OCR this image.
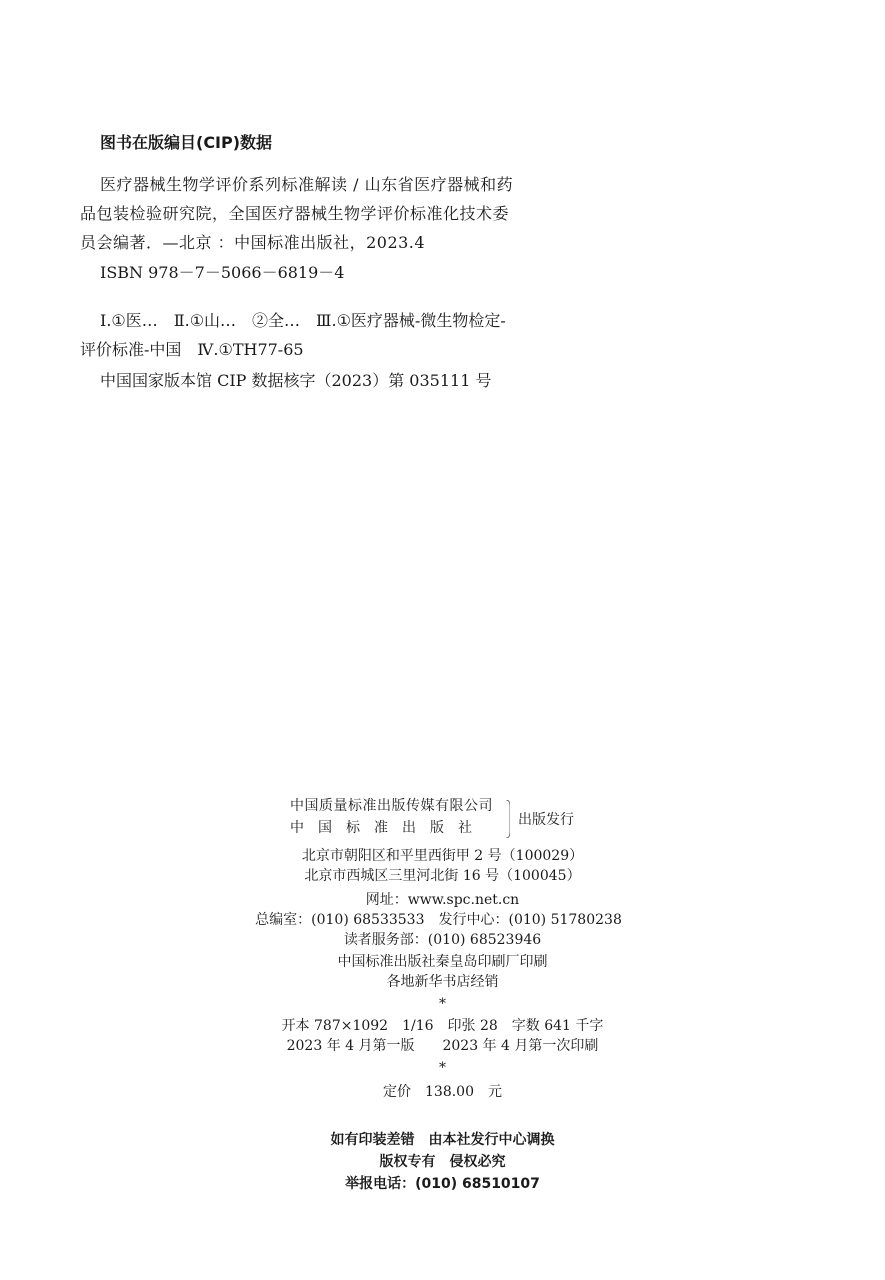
图书在版编目(CIP)数据

医疗器械生物学评价系列标准解读 / 山东省医疗器械和药品包装检验研究院，全国医疗器械生物学评价标准化技术委员会编著．—北京 ：中国标准出版社，2023.4

ISBN 978－7－5066－6819－4

Ⅰ.①医…　Ⅱ.①山…　②全…　Ⅲ.①医疗器械-微生物检定-评价标准-中国　Ⅳ.①TH77-65

中国国家版本馆 CIP 数据核字（2023）第 035111 号
中国质量标准出版传媒有限公司
中国标准出版社 出版发行
北京市朝阳区和平里西街甲 2 号（100029）
北京市西城区三里河北街 16 号（100045）
网址：www.spc.net.cn
总编室：(010) 68533533　发行中心：(010) 51780238
读者服务部：(010) 68523946
中国标准出版社秦皇岛印刷厂印刷
各地新华书店经销
*
开本 787×1092　1/16　印张 28　字数 641 千字
2023 年 4 月第一版　　2023 年 4 月第一次印刷
*
定价　138.00　元
如有印装差错　由本社发行中心调换
版权专有　侵权必究
举报电话：(010) 68510107
